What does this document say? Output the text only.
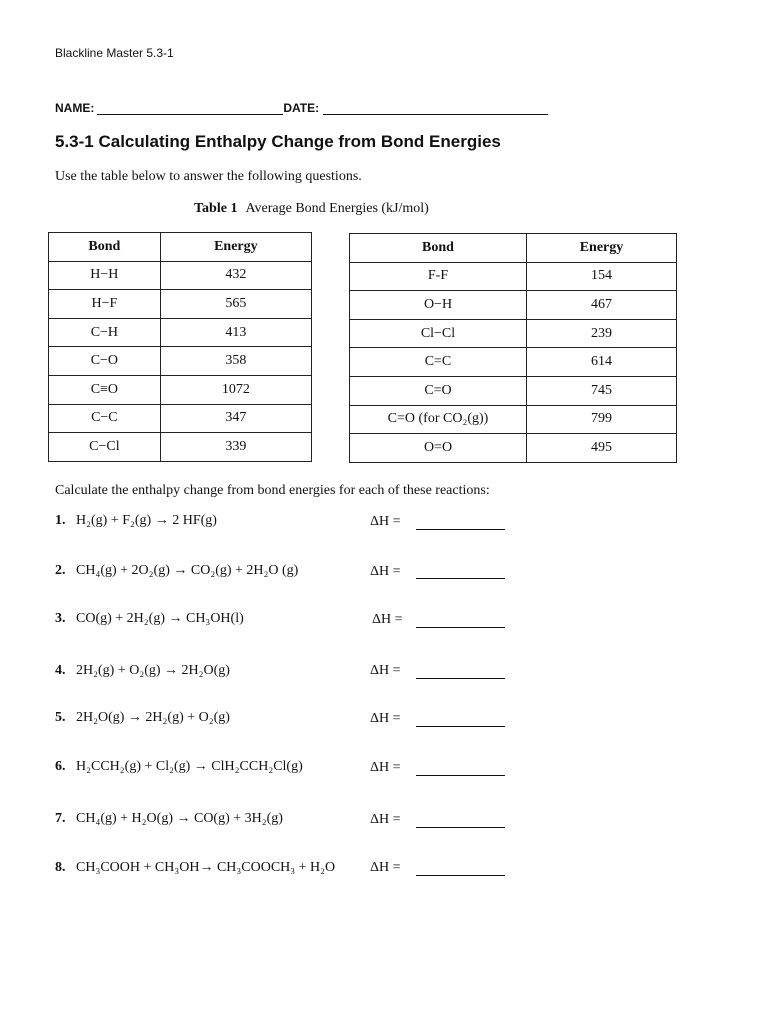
Blackline Master 5.3-1
NAME:	DATE:
5.3-1 Calculating Enthalpy Change from Bond Energies
Use the table below to answer the following questions.
Table 1 Average Bond Energies (kJ/mol)
Bond	Energy
H−H	432
H−F	565
C−H	413
C−O	358
C≡O	1072
C−C	347
C−Cl	339
Bond	Energy
F-F	154
O−H	467
Cl−Cl	239
C=C	614
C=O	745
C=O (for CO₂(g))	799
O=O	495
Calculate the enthalpy change from bond energies for each of these reactions:
1. H₂(g) + F₂(g) → 2 HF(g)	ΔH =
2. CH₄(g) + 2O₂(g) → CO₂(g) + 2H₂O (g)	ΔH =
3. CO(g) + 2H₂(g) → CH₃OH(l)	ΔH =
4. 2H₂(g) + O₂(g) → 2H₂O(g)	ΔH =
5. 2H₂O(g) → 2H₂(g) + O₂(g)	ΔH =
6. H₂CCH₂(g) + Cl₂(g) → ClH₂CCH₂Cl(g)	ΔH =
7. CH₄(g) + H₂O(g) → CO(g) + 3H₂(g)	ΔH =
8. CH₃COOH + CH₃OH→ CH₃COOCH₃ + H₂O ΔH =
